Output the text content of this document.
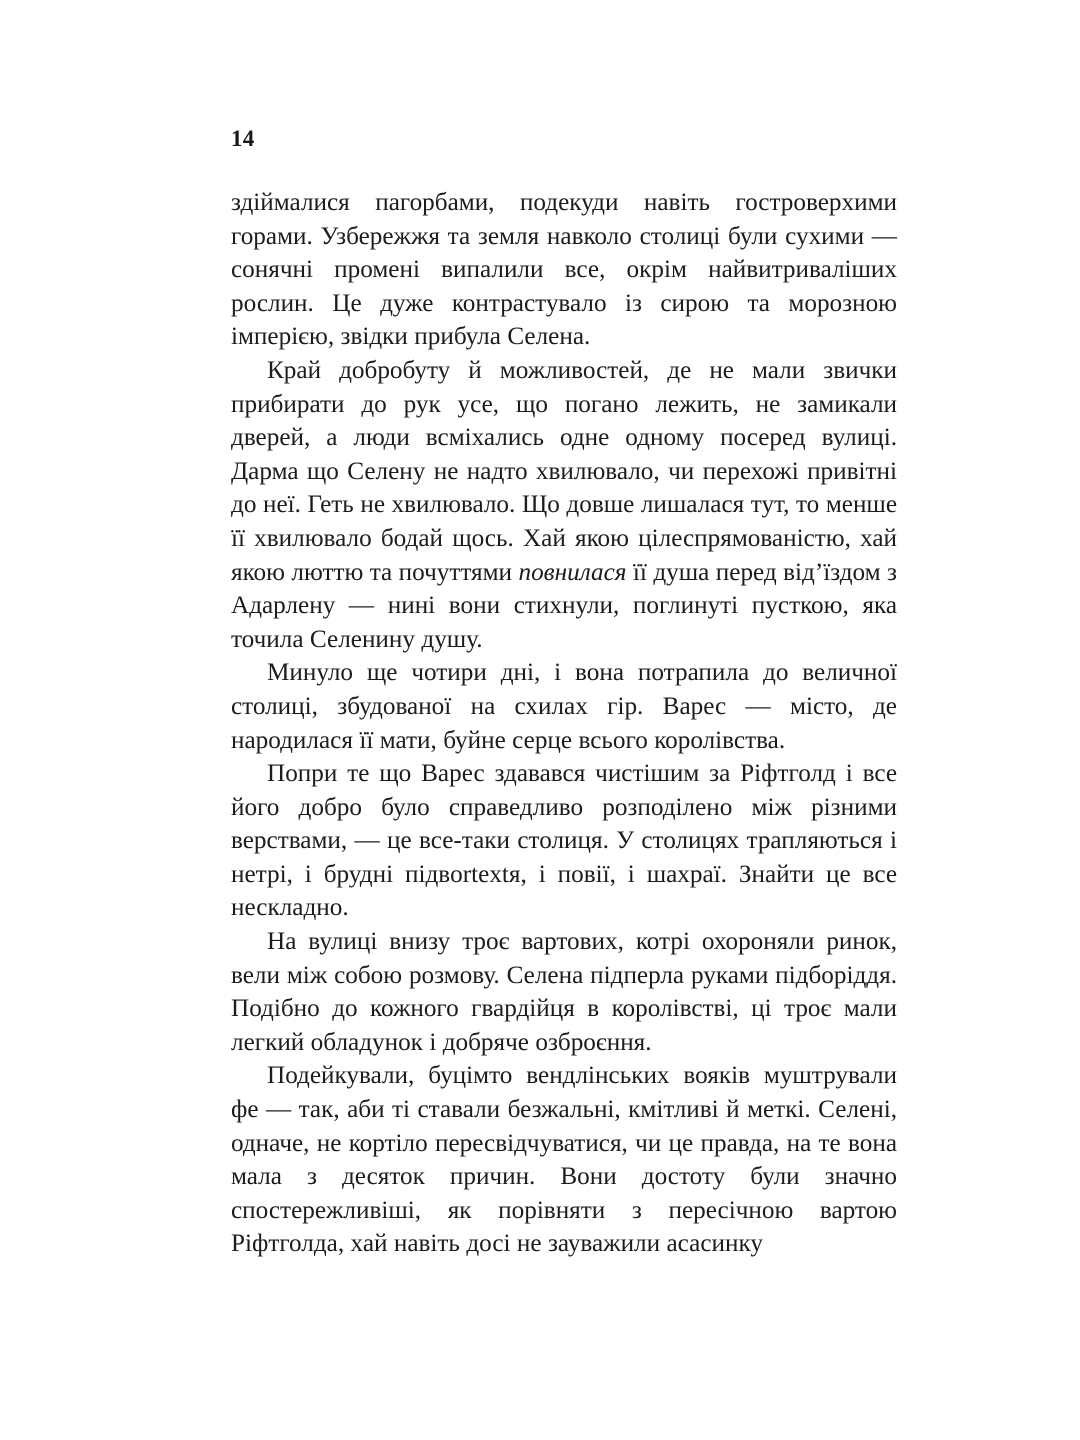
14

здіймалися пагорбами, подекуди навіть гостроверхими горами. Узбережжя та земля навколо столиці були сухими — сонячні промені випалили все, окрім найвитриваліших рослин. Це дуже контрастувало із сирою та морозною імперією, звідки прибула Селена.

Край добробуту й можливостей, де не мали звички прибирати до рук усе, що погано лежить, не замикали дверей, а люди всміхались одне одному посеред вулиці. Дарма що Селену не надто хвилювало, чи перехожі привітні до неї. Геть не хвилювало. Що довше лишалася тут, то менше її хвилювало бодай щось. Хай якою цілеспрямованістю, хай якою люттю та почуттями повнилася її душа перед від’їздом з Адарлену — нині вони стихнули, поглинуті пусткою, яка точила Селенину душу.

Минуло ще чотири дні, і вона потрапила до величної столиці, збудованої на схилах гір. Варес — місто, де народилася її мати, буйне серце всього королівства.

Попри те що Варес здавався чистішим за Ріфтголд і все його добро було справедливо розподілено між різними верствами, — це все-таки столиця. У столицях трапляються і нетрі, і брудні підвortextя, і повії, і шахраї. Знайти це все нескладно.

На вулиці внизу троє вартових, котрі охороняли ринок, вели між собою розмову. Селена підперла руками підборіддя. Подібно до кожного гвардійця в королівстві, ці троє мали легкий обладунок і добряче озброєння.

Подейкували, буцімто вендлінських вояків муштрували фе — так, аби ті ставали безжальні, кмітливі й меткі. Селені, одначе, не кортіло пересвідчуватися, чи це правда, на те вона мала з десяток причин. Вони достоту були значно спостережливіші, як порівняти з пересічною вартою Ріфтголда, хай навіть досі не зауважили асасинку
